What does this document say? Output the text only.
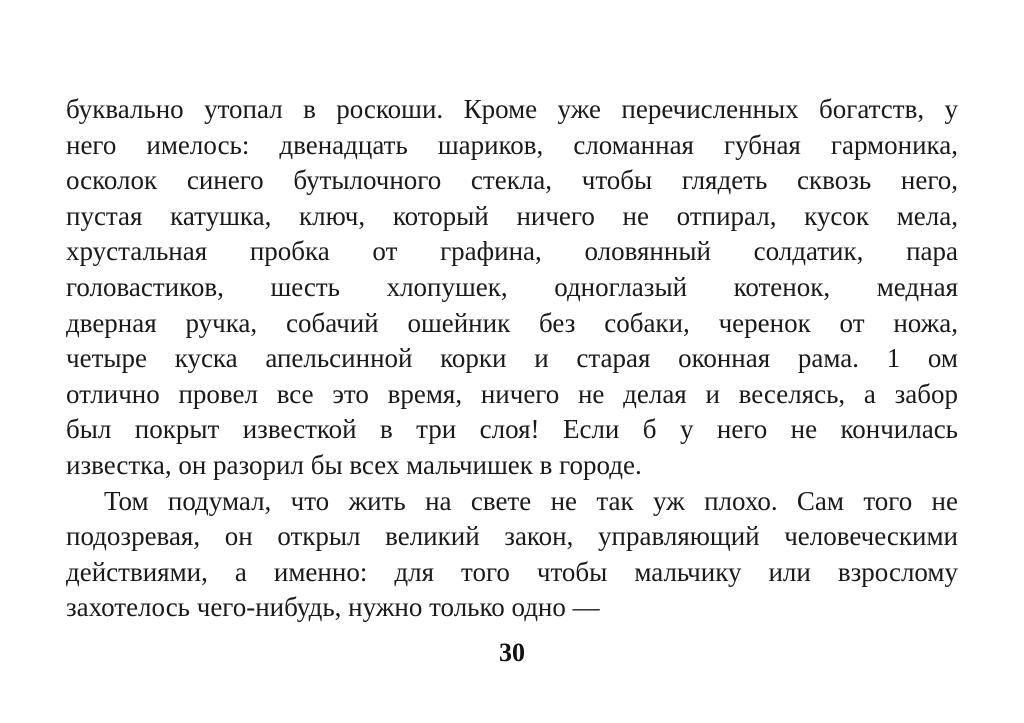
буквально утопал в роскоши. Кроме уже перечисленных богатств, у
него имелось: двенадцать шариков, сломанная губная гармоника,
осколок синего бутылочного стекла, чтобы глядеть сквозь него,
пустая катушка, ключ, который ничего не отпирал, кусок мела,
хрустальная пробка от графина, оловянный солдатик, пара
головастиков, шесть хлопушек, одноглазый котенок, медная
дверная ручка, собачий ошейник без собаки, черенок от ножа,
четыре куска апельсинной корки и старая оконная рама. 1 ом
отлично провел все это время, ничего не делая и веселясь, а забор
был покрыт известкой в три слоя! Если б у него не кончилась
известка, он разорил бы всех мальчишек в городе.
Том подумал, что жить на свете не так уж плохо. Сам того не
подозревая, он открыл великий закон, управляющий человеческими
действиями, а именно: для того чтобы мальчику или взрослому
захотелось чего-нибудь, нужно только одно —
30
